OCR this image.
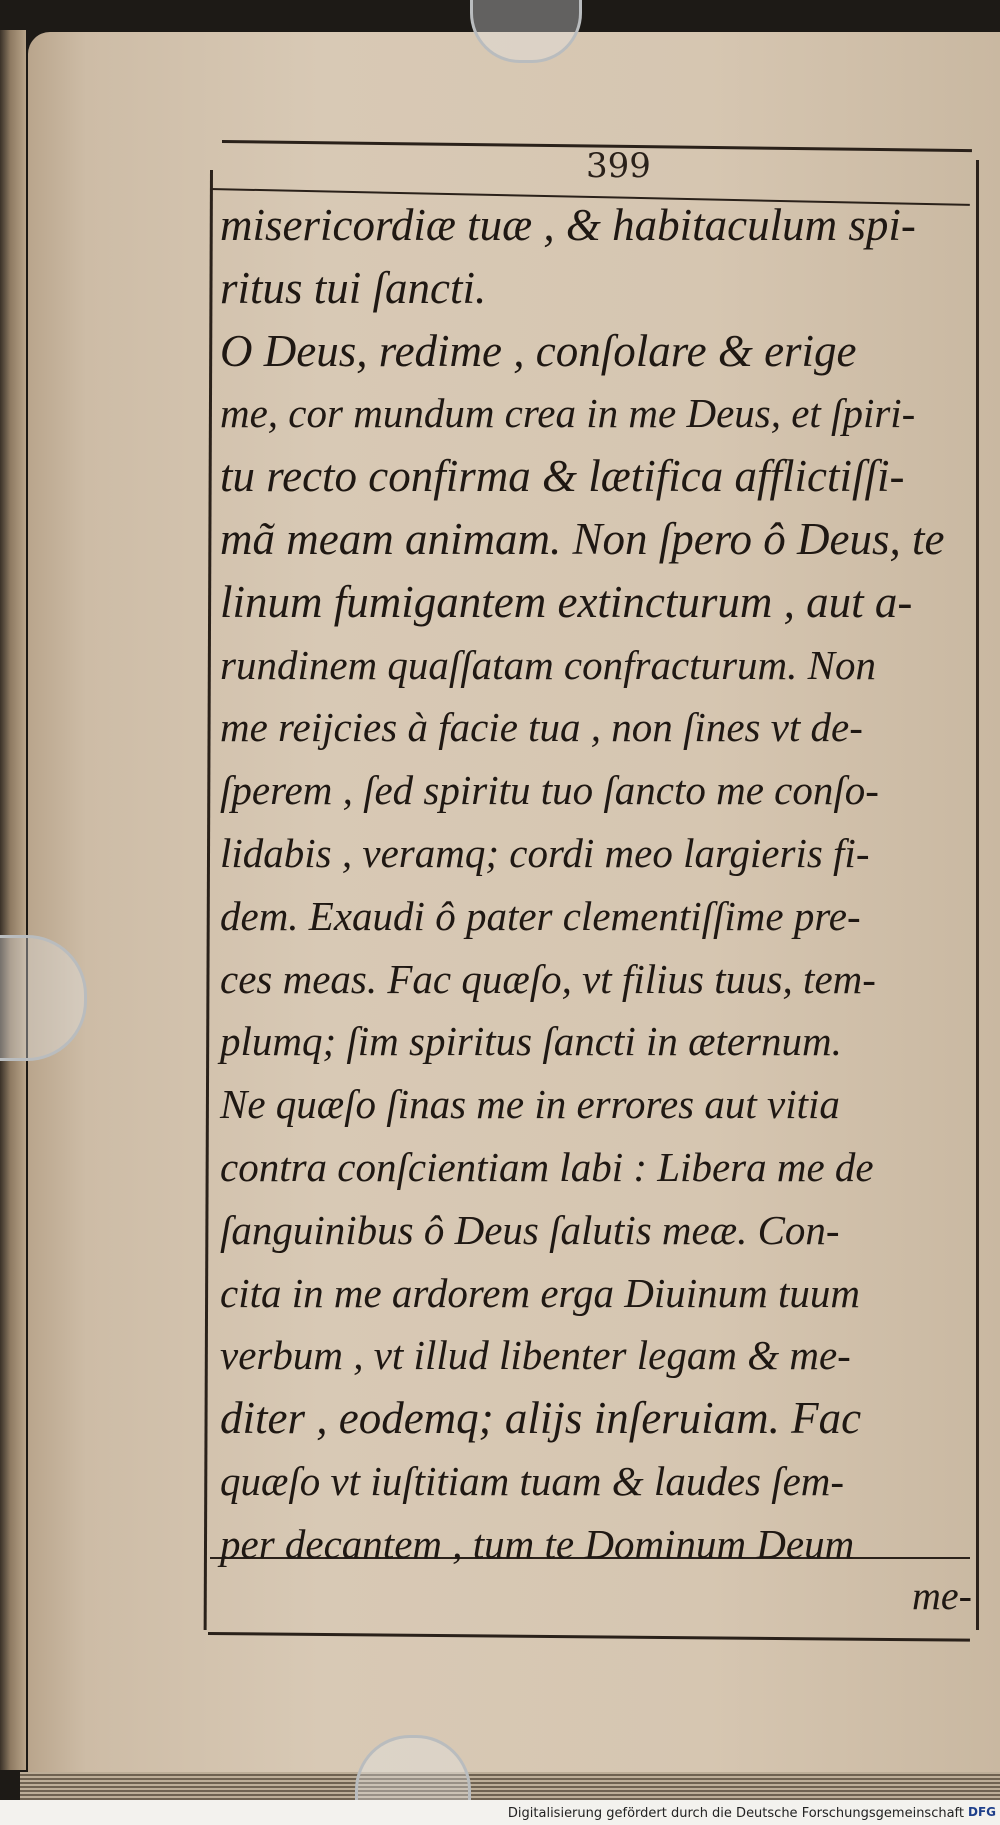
399
misericordiæ tuæ , & habitaculum spi-
ritus tui ſancti.
O Deus, redime , conſolare & erige
me, cor mundum crea in me Deus, et ſpiri-
tu recto confirma & lætifica afflictiſſi-
mã meam animam. Non ſpero ô Deus, te
linum fumigantem extincturum , aut a-
rundinem quaſſatam confracturum. Non
me reijcies à facie tua , non ſines vt de-
ſperem , ſed spiritu tuo ſancto me conſo-
lidabis , veramq; cordi meo largieris fi-
dem. Exaudi ô pater clementiſſime pre-
ces meas. Fac quæſo, vt filius tuus, tem-
plumq; ſim spiritus ſancti in æternum.
Ne quæſo ſinas me in errores aut vitia
contra conſcientiam labi : Libera me de
ſanguinibus ô Deus ſalutis meæ. Con-
cita in me ardorem erga Diuinum tuum
verbum , vt illud libenter legam & me-
diter , eodemq; alijs inſeruiam. Fac
quæſo vt iuſtitiam tuam & laudes ſem-
per decantem , tum te Dominum Deum
me-
Digitalisierung gefördert durch die Deutsche Forschungsgemeinschaft DFG
